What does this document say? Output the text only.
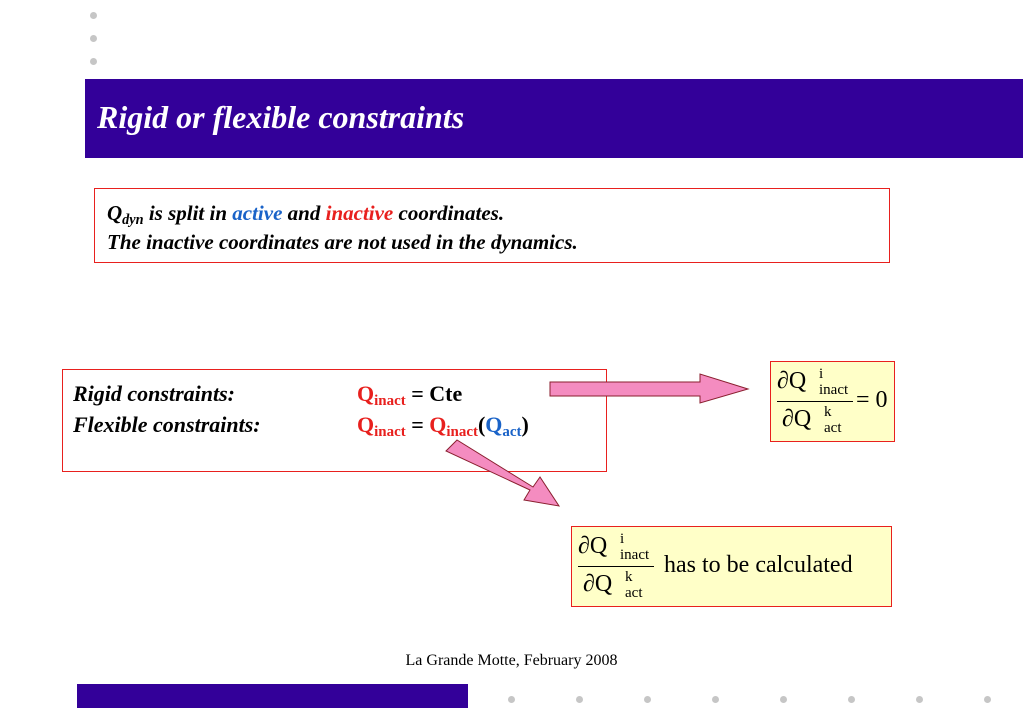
Rigid or flexible constraints
$Q_{dyn}$ is split in active and inactive coordinates.
The inactive coordinates are not used in the dynamics.
Rigid constraints:	$Q_{inact}$ = Cte
Flexible constraints:	$Q_{inact} = Q_{inact}(Q_{act})$
∂Q i
inact
∂Q k
act
= 0
∂Q i
inact
∂Q k
act
has to be calculated
La Grande Motte, February 2008
